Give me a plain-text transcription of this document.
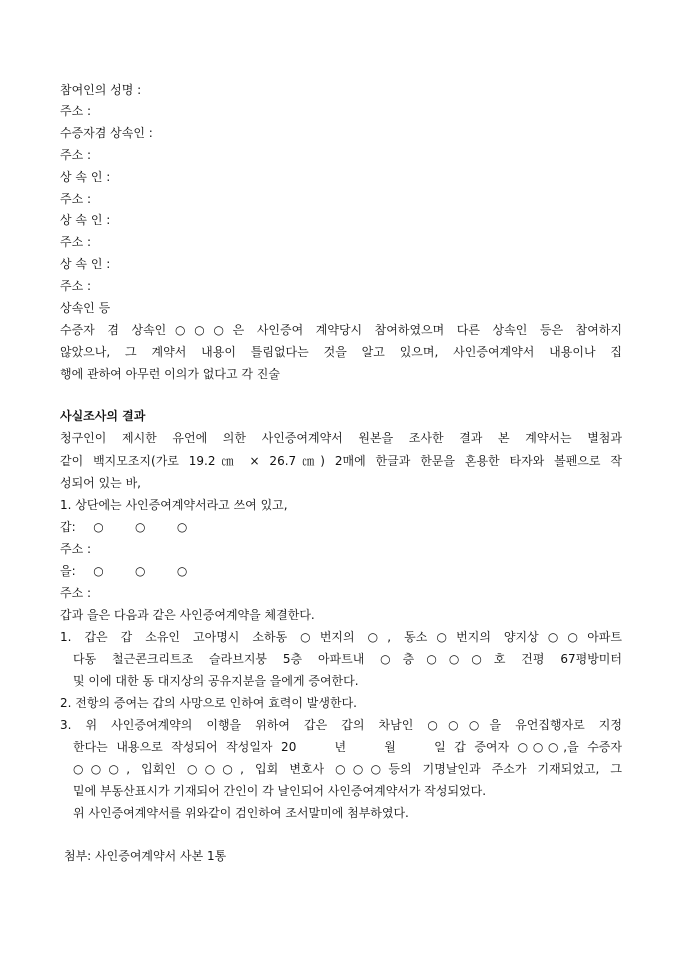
참여인의 성명 :
주소 :
수증자겸 상속인 :
주소 :
상 속 인 :
주소 :
상 속 인 :
주소 :
상 속 인 :
주소 :
상속인 등
수증자 겸 상속인○○○은 사인증여 계약당시 참여하였으며 다른 상속인 등은 참여하지
않았으나, 그 계약서 내용이 틀림없다는 것을 알고 있으며, 사인증여계약서 내용이나 집
행에 관하여 아무런 이의가 없다고 각 진술
사실조사의 결과
청구인이 제시한 유언에 의한 사인증여계약서 원본을 조사한 결과 본 계약서는 별첨과
같이 백지모조지(가로 19.2㎝ × 26.7㎝) 2매에 한글과 한문을 혼용한 타자와 볼펜으로 작
성되어 있는 바,
1. 상단에는 사인증여계약서라고 쓰여 있고,
갑: ○	○	○
주소 :
을: ○	○	○
주소 :
갑과 을은 다음과 같은 사인증여계약을 체결한다.
1. 갑은 갑 소유인 고아명시 소하동 ○번지의 ○, 동소○번지의 양지상○○아파트
다동 철근콘크리트조 슬라브지붕 5층 아파트내 ○층○○○호 건평 67평방미터
및 이에 대한 동 대지상의 공유지분을 을에게 증여한다.
2. 전항의 증여는 갑의 사망으로 인하여 효력이 발생한다.
3. 위 사인증여계약의 이행을 위하여 갑은 갑의 차남인 ○○○을 유언집행자로 지정
한다는 내용으로 작성되어 작성일자 20　　년　　월　　일 갑 증여자 ○○○,을 수증자
○○○, 입회인 ○○○, 입회 변호사 ○○○등의 기명날인과 주소가 기재되었고, 그
밑에 부동산표시가 기재되어 간인이 각 날인되어 사인증여계약서가 작성되었다.
위 사인증여계약서를 위와같이 검인하여 조서말미에 첨부하였다.
첨부: 사인증여계약서 사본 1통
